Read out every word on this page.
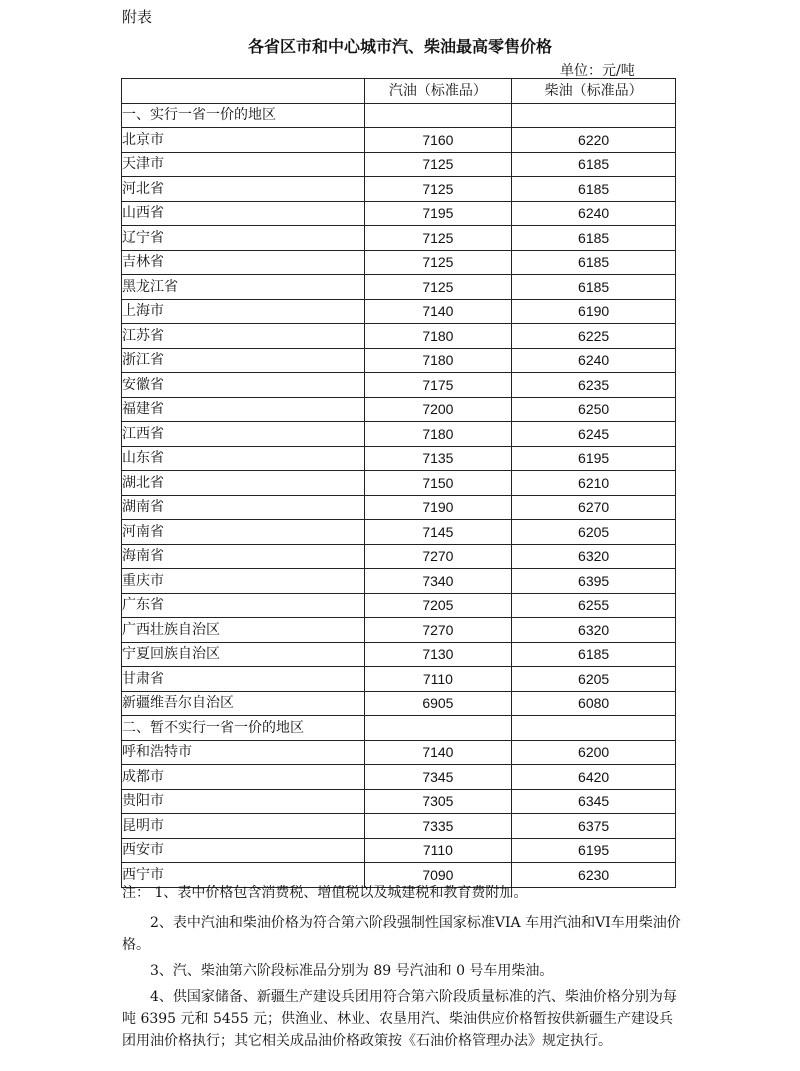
附表
各省区市和中心城市汽、柴油最高零售价格
单位：元/吨
	汽油（标准品）	柴油（标准品）
一、实行一省一价的地区		
北京市	7160	6220
天津市	7125	6185
河北省	7125	6185
山西省	7195	6240
辽宁省	7125	6185
吉林省	7125	6185
黑龙江省	7125	6185
上海市	7140	6190
江苏省	7180	6225
浙江省	7180	6240
安徽省	7175	6235
福建省	7200	6250
江西省	7180	6245
山东省	7135	6195
湖北省	7150	6210
湖南省	7190	6270
河南省	7145	6205
海南省	7270	6320
重庆市	7340	6395
广东省	7205	6255
广西壮族自治区	7270	6320
宁夏回族自治区	7130	6185
甘肃省	7110	6205
新疆维吾尔自治区	6905	6080
二、暂不实行一省一价的地区		
呼和浩特市	7140	6200
成都市	7345	6420
贵阳市	7305	6345
昆明市	7335	6375
西安市	7110	6195
西宁市	7090	6230

注： 1、表中价格包含消费税、增值税以及城建税和教育费附加。

2、表中汽油和柴油价格为符合第六阶段强制性国家标准VIA 车用汽油和VI车用柴油价格。

3、汽、柴油第六阶段标准品分别为 89 号汽油和 0 号车用柴油。

4、供国家储备、新疆生产建设兵团用符合第六阶段质量标准的汽、柴油价格分别为每吨 6395 元和 5455 元；供渔业、林业、农垦用汽、柴油供应价格暂按供新疆生产建设兵团用油价格执行；其它相关成品油价格政策按《石油价格管理办法》规定执行。
